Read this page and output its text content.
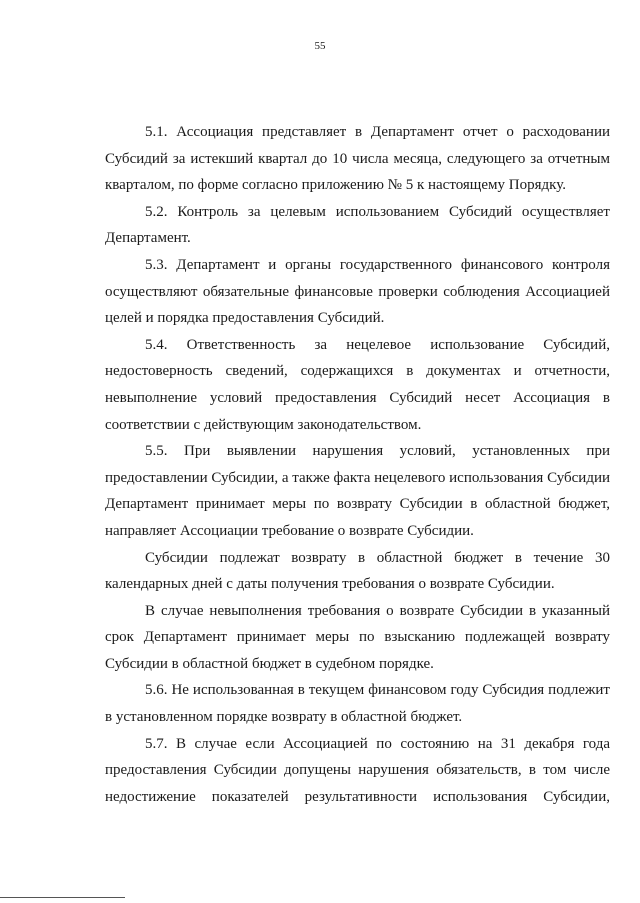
55

5.1. Ассоциация представляет в Департамент отчет о расходовании Субсидий за истекший квартал до 10 числа месяца, следующего за отчетным кварталом, по форме согласно приложению № 5 к настоящему Порядку.

5.2. Контроль за целевым использованием Субсидий осуществляет Департамент.

5.3. Департамент и органы государственного финансового контроля осуществляют обязательные финансовые проверки соблюдения Ассоциацией целей и порядка предоставления Субсидий.

5.4. Ответственность за нецелевое использование Субсидий, недостоверность сведений, содержащихся в документах и отчетности, невыполнение условий предоставления Субсидий несет Ассоциация в соответствии с действующим законодательством.

5.5. При выявлении нарушения условий, установленных при предоставлении Субсидии, а также факта нецелевого использования Субсидии Департамент принимает меры по возврату Субсидии в областной бюджет, направляет Ассоциации требование о возврате Субсидии.

Субсидии подлежат возврату в областной бюджет в течение 30 календарных дней с даты получения требования о возврате Субсидии.

В случае невыполнения требования о возврате Субсидии в указанный срок Департамент принимает меры по взысканию подлежащей возврату Субсидии в областной бюджет в судебном порядке.

5.6. Не использованная в текущем финансовом году Субсидия подлежит в установленном порядке возврату в областной бюджет.

5.7. В случае если Ассоциацией по состоянию на 31 декабря года предоставления Субсидии допущены нарушения обязательств, в том числе недостижение показателей результативности использования Субсидии,
